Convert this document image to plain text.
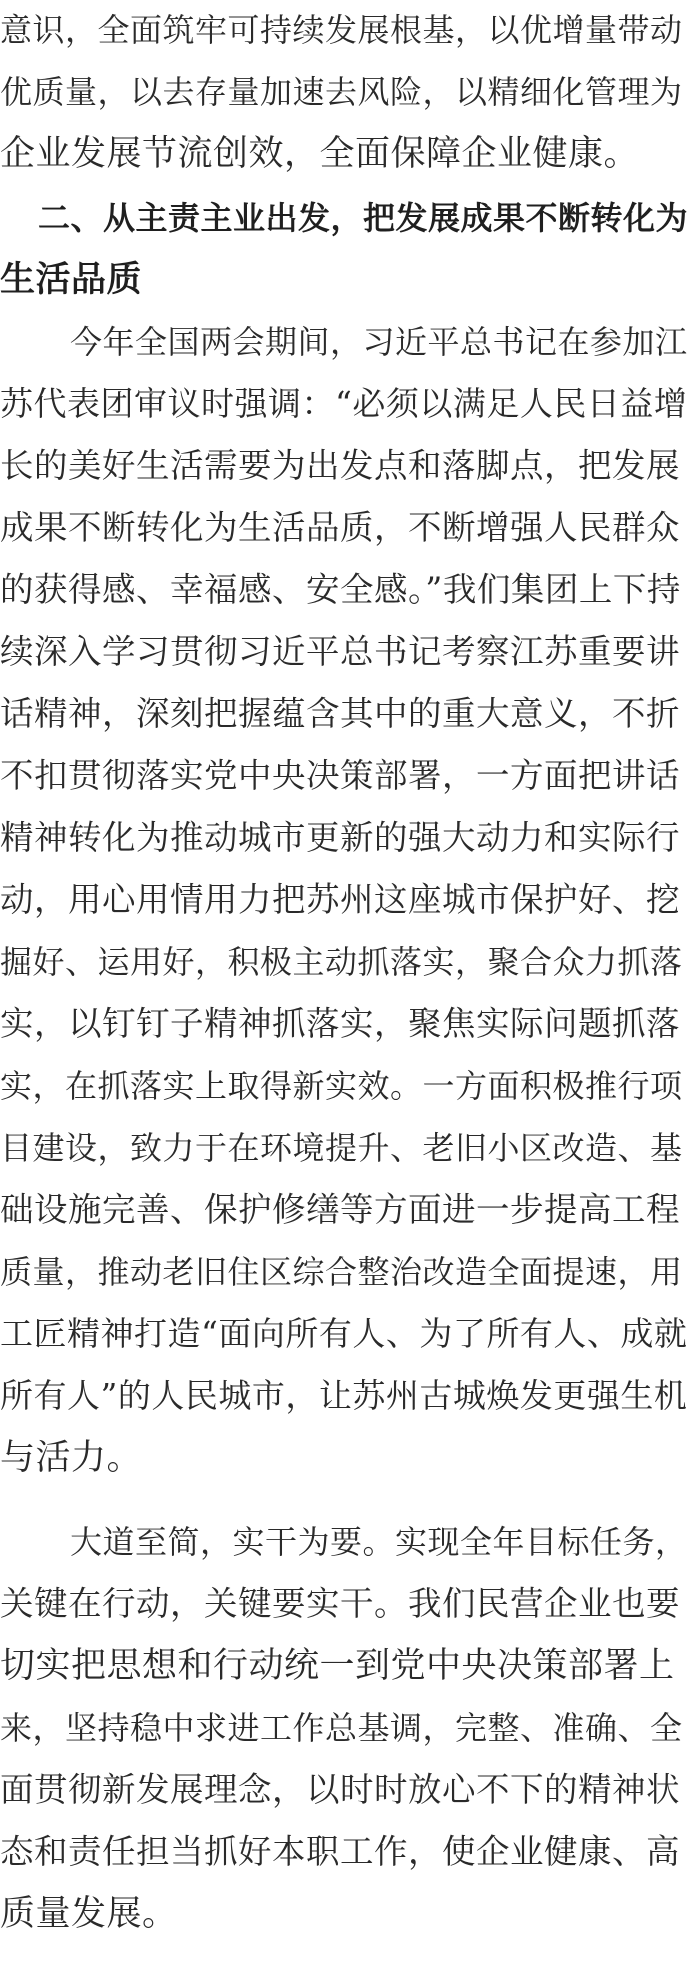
意识，全面筑牢可持续发展根基，以优增量带动
优质量，以去存量加速去风险，以精细化管理为
企业发展节流创效，全面保障企业健康。
二、从主责主业出发，把发展成果不断转化为
生活品质
今年全国两会期间，习近平总书记在参加江
苏代表团审议时强调：“必须以满足人民日益增
长的美好生活需要为出发点和落脚点，把发展
成果不断转化为生活品质，不断增强人民群众
的获得感、幸福感、安全感。”我们集团上下持
续深入学习贯彻习近平总书记考察江苏重要讲
话精神，深刻把握蕴含其中的重大意义，不折
不扣贯彻落实党中央决策部署，一方面把讲话
精神转化为推动城市更新的强大动力和实际行
动，用心用情用力把苏州这座城市保护好、挖
掘好、运用好，积极主动抓落实，聚合众力抓落
实，以钉钉子精神抓落实，聚焦实际问题抓落
实，在抓落实上取得新实效。一方面积极推行项
目建设，致力于在环境提升、老旧小区改造、基
础设施完善、保护修缮等方面进一步提高工程
质量，推动老旧住区综合整治改造全面提速，用
工匠精神打造“面向所有人、为了所有人、成就
所有人”的人民城市，让苏州古城焕发更强生机
与活力。
大道至简，实干为要。实现全年目标任务，
关键在行动，关键要实干。我们民营企业也要
切实把思想和行动统一到党中央决策部署上
来，坚持稳中求进工作总基调，完整、准确、全
面贯彻新发展理念，以时时放心不下的精神状
态和责任担当抓好本职工作，使企业健康、高
质量发展。
